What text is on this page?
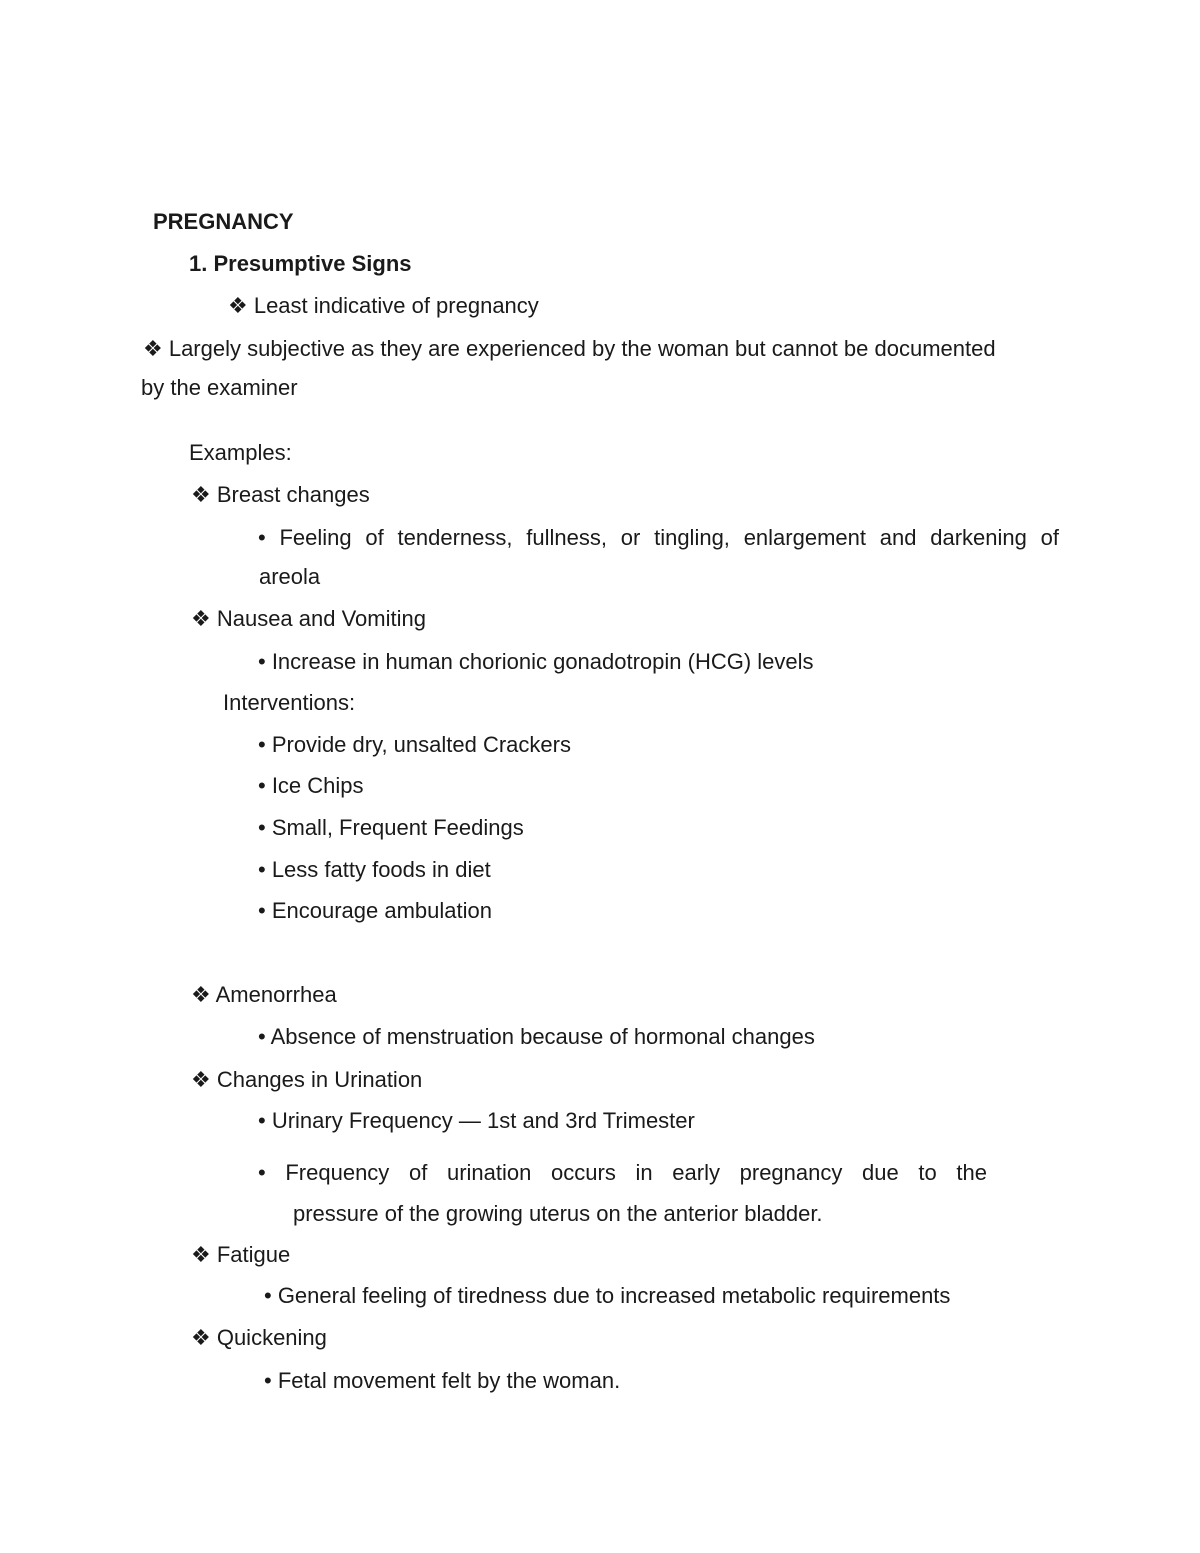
PREGNANCY
1. Presumptive Signs
❖ Least indicative of pregnancy
❖ Largely subjective as they are experienced by the woman but cannot be documented
by the examiner
Examples:
❖ Breast changes
• Feeling of tenderness, fullness, or tingling, enlargement and darkening of
areola
❖ Nausea and Vomiting
• Increase in human chorionic gonadotropin (HCG) levels
Interventions:
• Provide dry, unsalted Crackers
• Ice Chips
• Small, Frequent Feedings
• Less fatty foods in diet
• Encourage ambulation
❖ Amenorrhea
• Absence of menstruation because of hormonal changes
❖ Changes in Urination
• Urinary Frequency — 1st and 3rd Trimester
• Frequency of urination occurs in early pregnancy due to the
pressure of the growing uterus on the anterior bladder.
❖ Fatigue
• General feeling of tiredness due to increased metabolic requirements
❖ Quickening
• Fetal movement felt by the woman.
